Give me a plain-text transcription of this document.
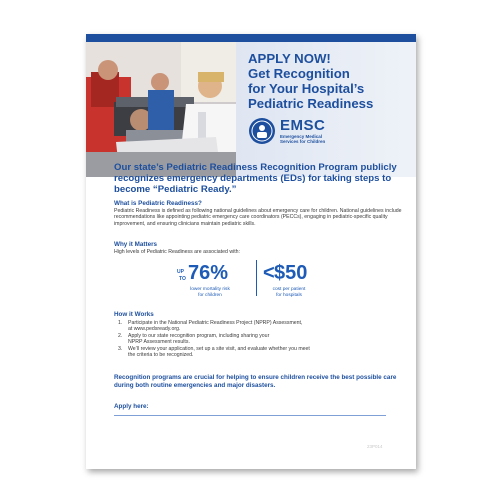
APPLY NOW!
Get Recognition
for Your Hospital’s
Pediatric Readiness
EMSC
Emergency Medical
Services for Children
Our state’s Pediatric Readiness Recognition Program publicly recognizes emergency departments (EDs) for taking steps to become “Pediatric Ready.”
What is Pediatric Readiness?
Pediatric Readiness is defined as following national guidelines about emergency care for children. National guidelines include recommendations like appointing pediatric emergency care coordinators (PECCs), engaging in pediatric-specific quality improvement, and ensuring clinicians maintain pediatric skills.
Why it Matters
High levels of Pediatric Readiness are associated with:
UP
TO 76%
lower mortality risk
for children
< $50
cost per patient
for hospitals
How it Works
1. Participate in the National Pediatric Readiness Project (NPRP) Assessment,
at www.pedsready.org.
2. Apply to our state recognition program, including sharing your
NPRP Assessment results.
3. We’ll review your application, set up a site visit, and evaluate whether you meet
the criteria to be recognized.
Recognition programs are crucial for helping to ensure children receive the best possible care during both routine emergencies and major disasters.
Apply here:
23P014
